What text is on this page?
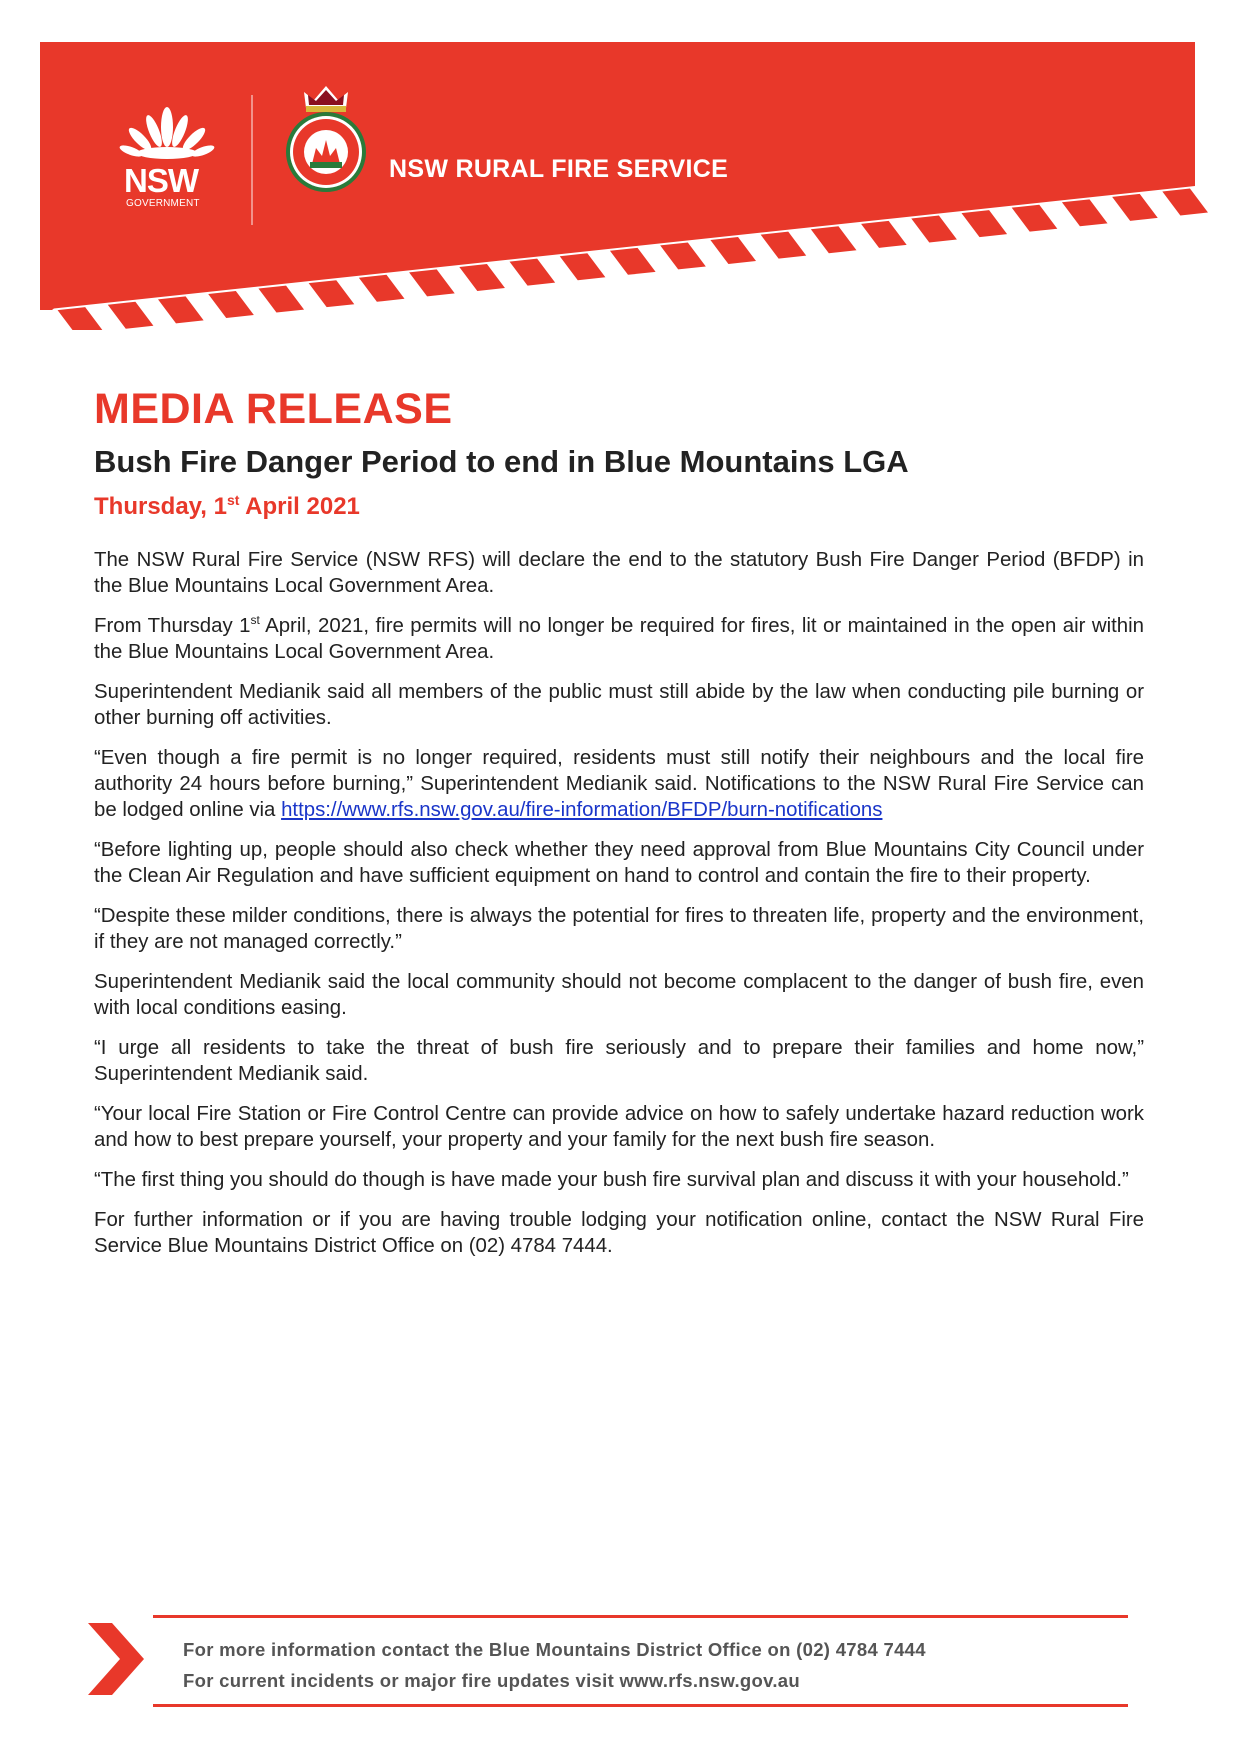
NSW
GOVERNMENT
NSW RURAL FIRE SERVICE
MEDIA RELEASE
Bush Fire Danger Period to end in Blue Mountains LGA
Thursday, 1st April 2021

The NSW Rural Fire Service (NSW RFS) will declare the end to the statutory Bush Fire Danger Period (BFDP) in the Blue Mountains Local Government Area.

From Thursday 1st April, 2021, fire permits will no longer be required for fires, lit or maintained in the open air within the Blue Mountains Local Government Area.

Superintendent Medianik said all members of the public must still abide by the law when conducting pile burning or other burning off activities.

“Even though a fire permit is no longer required, residents must still notify their neighbours and the local fire authority 24 hours before burning,” Superintendent Medianik said. Notifications to the NSW Rural Fire Service can be lodged online via https://www.rfs.nsw.gov.au/fire-information/BFDP/burn-notifications

“Before lighting up, people should also check whether they need approval from Blue Mountains City Council under the Clean Air Regulation and have sufficient equipment on hand to control and contain the fire to their property.

“Despite these milder conditions, there is always the potential for fires to threaten life, property and the environment, if they are not managed correctly.”

Superintendent Medianik said the local community should not become complacent to the danger of bush fire, even with local conditions easing.

“I urge all residents to take the threat of bush fire seriously and to prepare their families and home now,” Superintendent Medianik said.

“Your local Fire Station or Fire Control Centre can provide advice on how to safely undertake hazard reduction work and how to best prepare yourself, your property and your family for the next bush fire season.

“The first thing you should do though is have made your bush fire survival plan and discuss it with your household.”

For further information or if you are having trouble lodging your notification online, contact the NSW Rural Fire Service Blue Mountains District Office on (02) 4784 7444.

For more information contact the Blue Mountains District Office on (02) 4784 7444
For current incidents or major fire updates visit www.rfs.nsw.gov.au
